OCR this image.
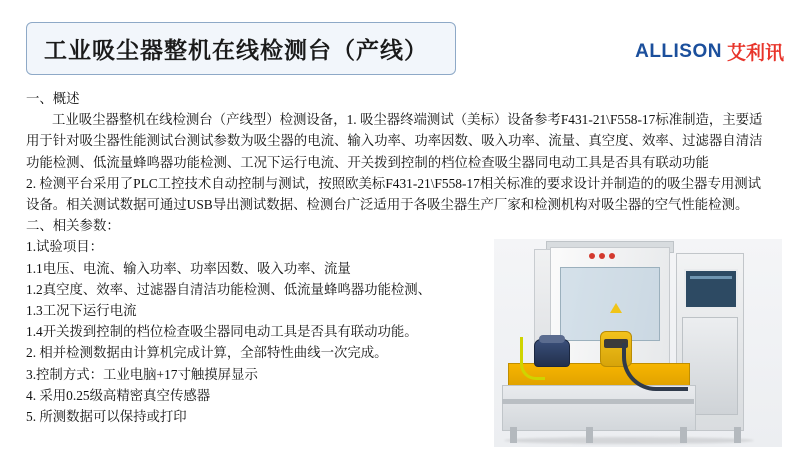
工业吸尘器整机在线检测台（产线）	ALLISON 艾利讯

一、概述

工业吸尘器整机在线检测台（产线型）检测设备，1. 吸尘器终端测试（美标）设备参考F431-21\F558-17标准制造，主要适用于针对吸尘器性能测试台测试参数为吸尘器的电流、输入功率、功率因数、吸入功率、流量、真空度、效率、过滤器自清洁功能检测、低流量蜂鸣器功能检测、工况下运行电流、开关拨到控制的档位检查吸尘器同电动工具是否具有联动功能

2. 检测平台采用了PLC工控技术自动控制与测试，按照欧美标F431-21\F558-17相关标准的要求设计并制造的的吸尘器专用测试设备。相关测试数据可通过USB导出测试数据、检测台广泛适用于各吸尘器生产厂家和检测机构对吸尘器的空气性能检测。

二、相关参数：

1.试验项目：

1.1电压、电流、输入功率、功率因数、吸入功率、流量

1.2真空度、效率、过滤器自清洁功能检测、低流量蜂鸣器功能检测、

1.3工况下运行电流

1.4开关拨到控制的档位检查吸尘器同电动工具是否具有联动功能。

2. 相并检测数据由计算机完成计算，全部特性曲线一次完成。

3.控制方式：工业电脑+17寸触摸屏显示

4. 采用0.25级高精密真空传感器

5. 所测数据可以保持或打印
